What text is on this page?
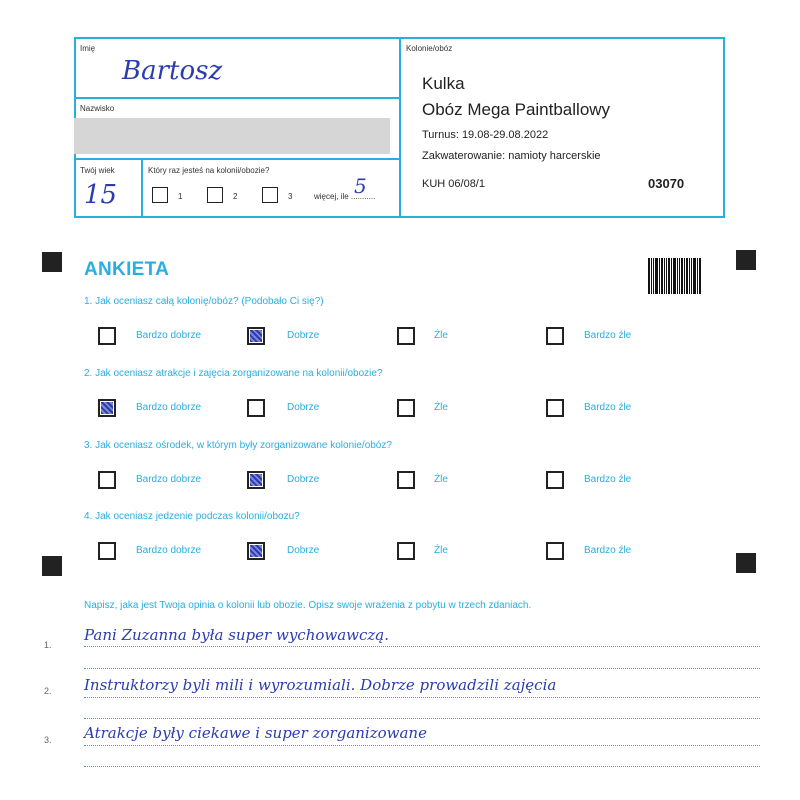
Imię
Bartosz
Nazwisko
Twój wiek
15
Który raz jesteś na kolonii/obozie?
1	2	3	więcej, ile ...........
5
Kolonie/obóz
Kulka
Obóz Mega Paintballowy
Turnus: 19.08-29.08.2022
Zakwaterowanie: namioty harcerskie
KUH 06/08/1	03070
ANKIETA
1. Jak oceniasz całą kolonię/obóz? (Podobało Ci się?)
Bardzo dobrze	Dobrze	Źle	Bardzo źle
2. Jak oceniasz atrakcje i zajęcia zorganizowane na kolonii/obozie?
Bardzo dobrze	Dobrze	Źle	Bardzo źle
3. Jak oceniasz ośrodek, w którym były zorganizowane kolonie/obóz?
Bardzo dobrze	Dobrze	Źle	Bardzo źle
4. Jak oceniasz jedzenie podczas kolonii/obozu?
Bardzo dobrze	Dobrze	Źle	Bardzo źle
Napisz, jaka jest Twoja opinia o kolonii lub obozie. Opisz swoje wrażenia z pobytu w trzech zdaniach.
1.
Pani Zuzanna była super wychowawczą.
2. Instruktorzy byli mili i wyrozumiali. Dobrze prowadzili zajęcia
3. Atrakcje były ciekawe i super zorganizowane
